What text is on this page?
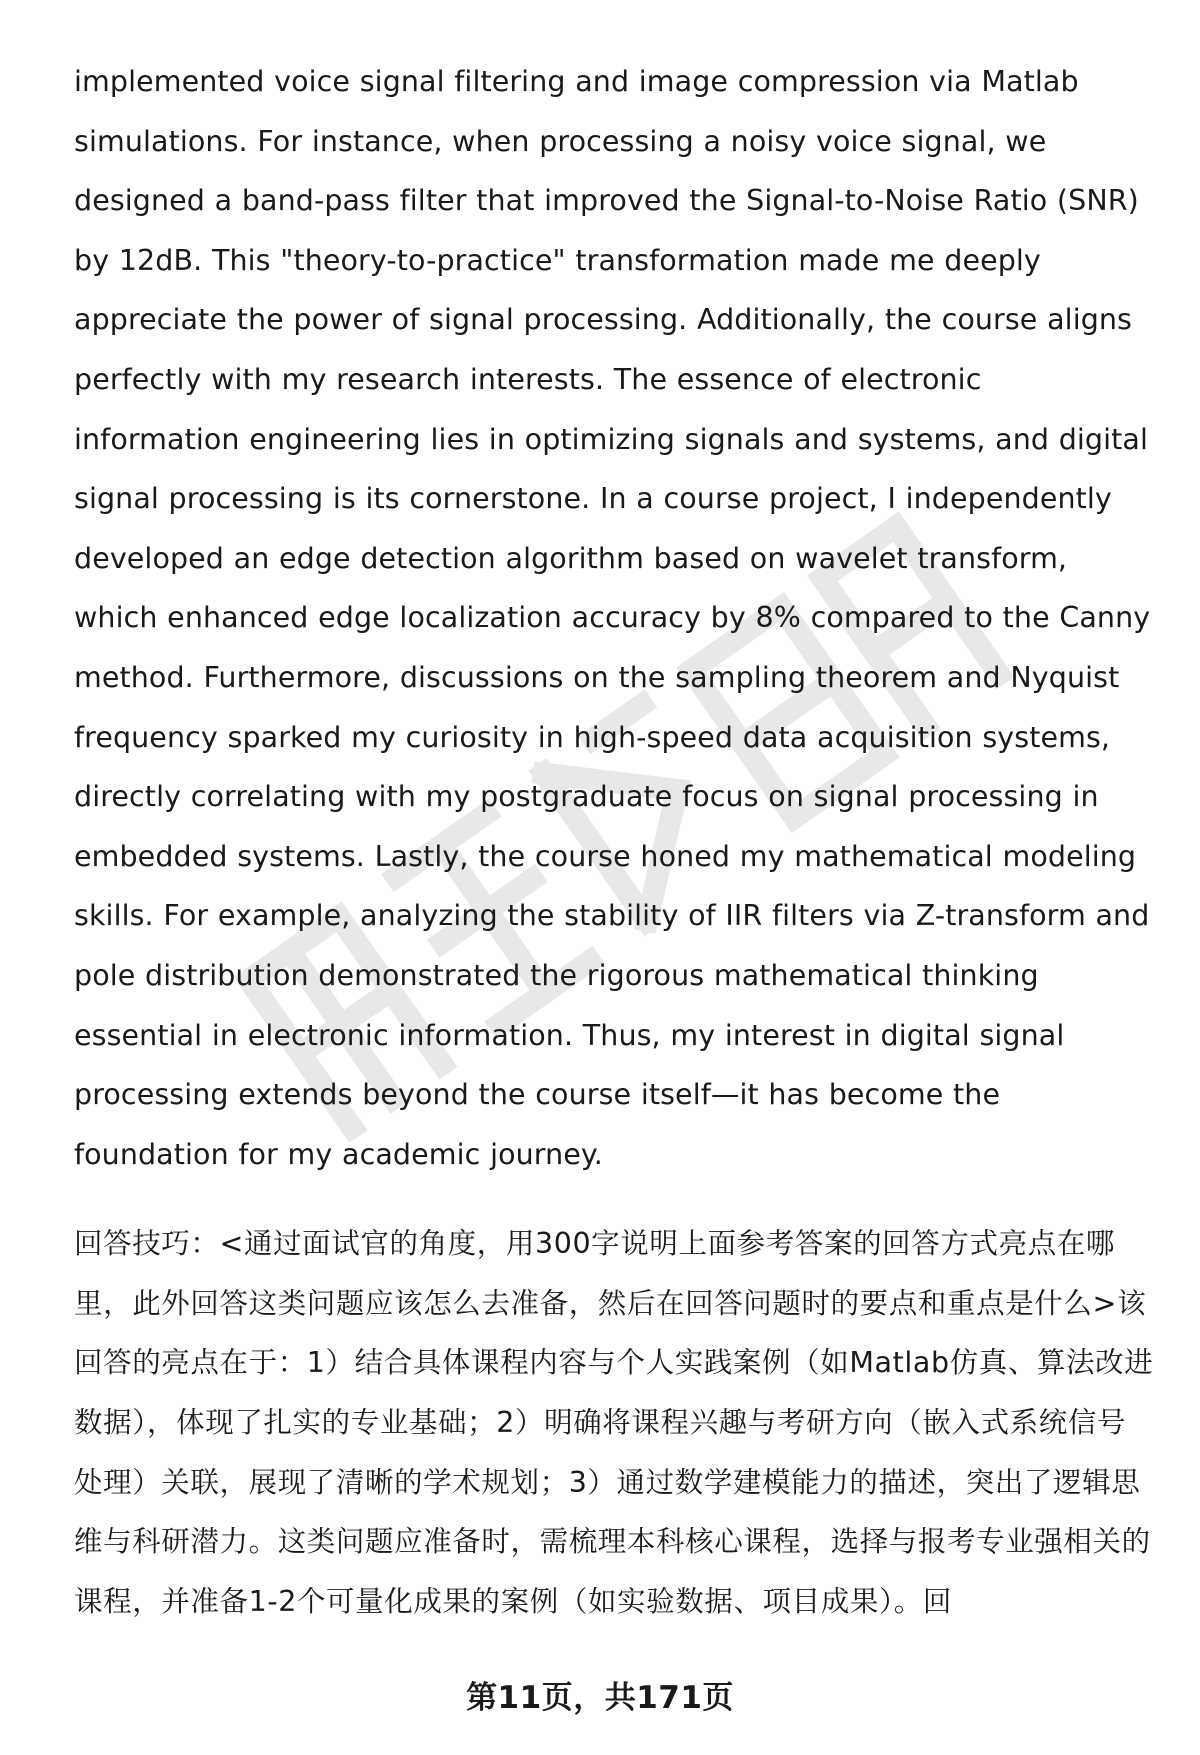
implemented voice signal filtering and image compression via Matlab simulations. For instance, when processing a noisy voice signal, we designed a band-pass filter that improved the Signal-to-Noise Ratio (SNR) by 12dB. This "theory-to-practice" transformation made me deeply appreciate the power of signal processing. Additionally, the course aligns perfectly with my research interests. The essence of electronic information engineering lies in optimizing signals and systems, and digital signal processing is its cornerstone. In a course project, I independently developed an edge detection algorithm based on wavelet transform, which enhanced edge localization accuracy by 8% compared to the Canny method. Furthermore, discussions on the sampling theorem and Nyquist frequency sparked my curiosity in high-speed data acquisition systems, directly correlating with my postgraduate focus on signal processing in embedded systems. Lastly, the course honed my mathematical modeling skills. For example, analyzing the stability of IIR filters via Z-transform and pole distribution demonstrated the rigorous mathematical thinking essential in electronic information. Thus, my interest in digital signal processing extends beyond the course itself—it has become the foundation for my academic journey.

回答技巧：<通过面试官的角度，用300字说明上面参考答案的回答方式亮点在哪里，此外回答这类问题应该怎么去准备，然后在回答问题时的要点和重点是什么>该回答的亮点在于：1）结合具体课程内容与个人实践案例（如Matlab仿真、算法改进数据），体现了扎实的专业基础；2）明确将课程兴趣与考研方向（嵌入式系统信号处理）关联，展现了清晰的学术规划；3）通过数学建模能力的描述，突出了逻辑思维与科研潜力。这类问题应准备时，需梳理本科核心课程，选择与报考专业强相关的课程，并准备1-2个可量化成果的案例（如实验数据、项目成果）。回

第11页，共171页
